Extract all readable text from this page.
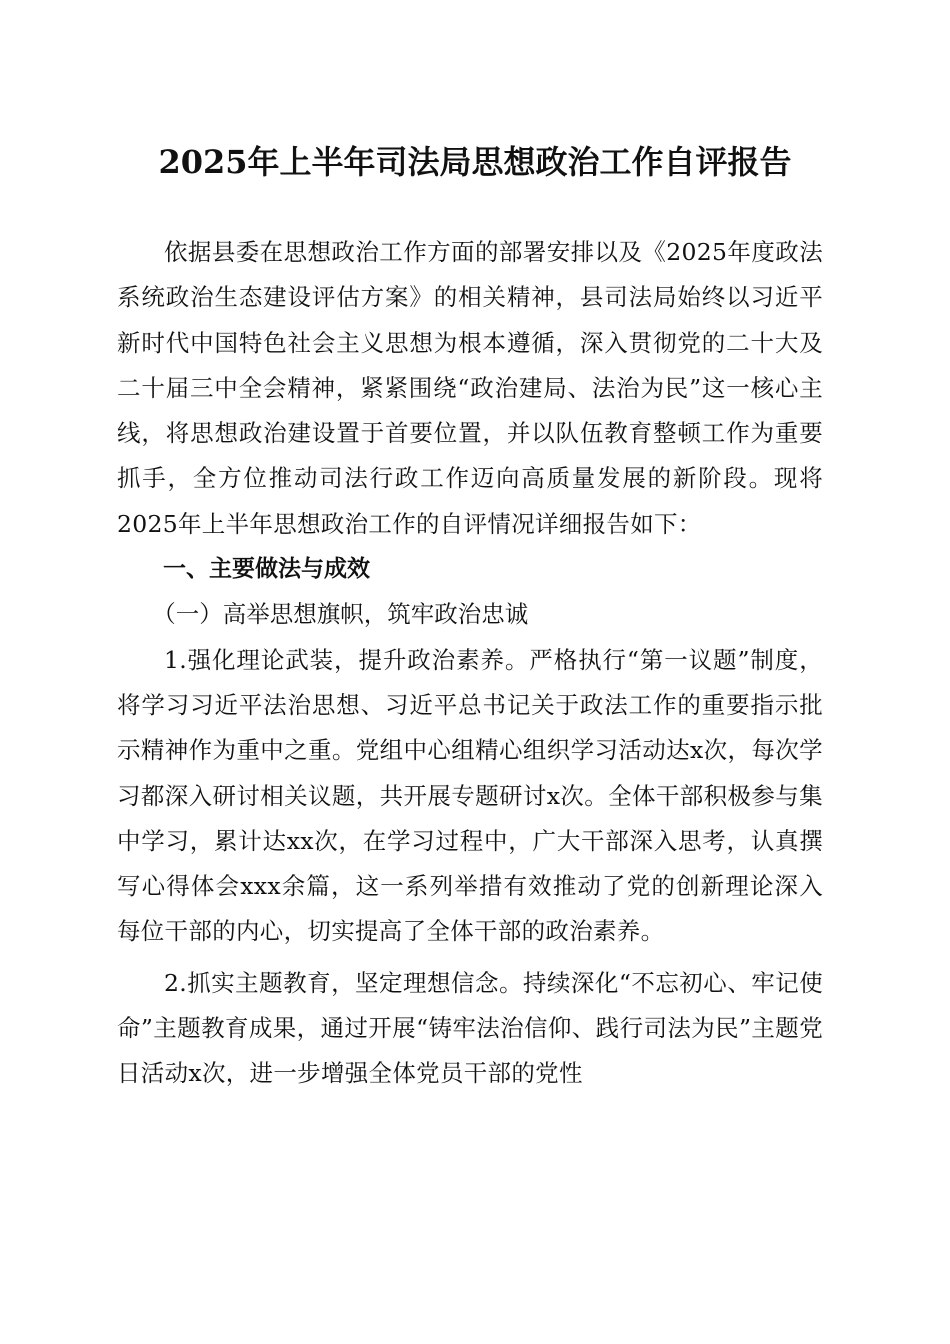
2025年上半年司法局思想政治工作自评报告

依据县委在思想政治工作方面的部署安排以及《2025年度政法系统政治生态建设评估方案》的相关精神，县司法局始终以习近平新时代中国特色社会主义思想为根本遵循，深入贯彻党的二十大及二十届三中全会精神，紧紧围绕“政治建局、法治为民”这一核心主线，将思想政治建设置于首要位置，并以队伍教育整顿工作为重要抓手，全方位推动司法行政工作迈向高质量发展的新阶段。现将2025年上半年思想政治工作的自评情况详细报告如下：

一、主要做法与成效

（一）高举思想旗帜，筑牢政治忠诚

1.强化理论武装，提升政治素养。严格执行“第一议题”制度，将学习习近平法治思想、习近平总书记关于政法工作的重要指示批示精神作为重中之重。党组中心组精心组织学习活动达x次，每次学习都深入研讨相关议题，共开展专题研讨x次。全体干部积极参与集中学习，累计达xx次，在学习过程中，广大干部深入思考，认真撰写心得体会xxx余篇，这一系列举措有效推动了党的创新理论深入每位干部的内心，切实提高了全体干部的政治素养。

2.抓实主题教育，坚定理想信念。持续深化“不忘初心、牢记使命”主题教育成果，通过开展“铸牢法治信仰、践行司法为民”主题党日活动x次，进一步增强全体党员干部的党性
